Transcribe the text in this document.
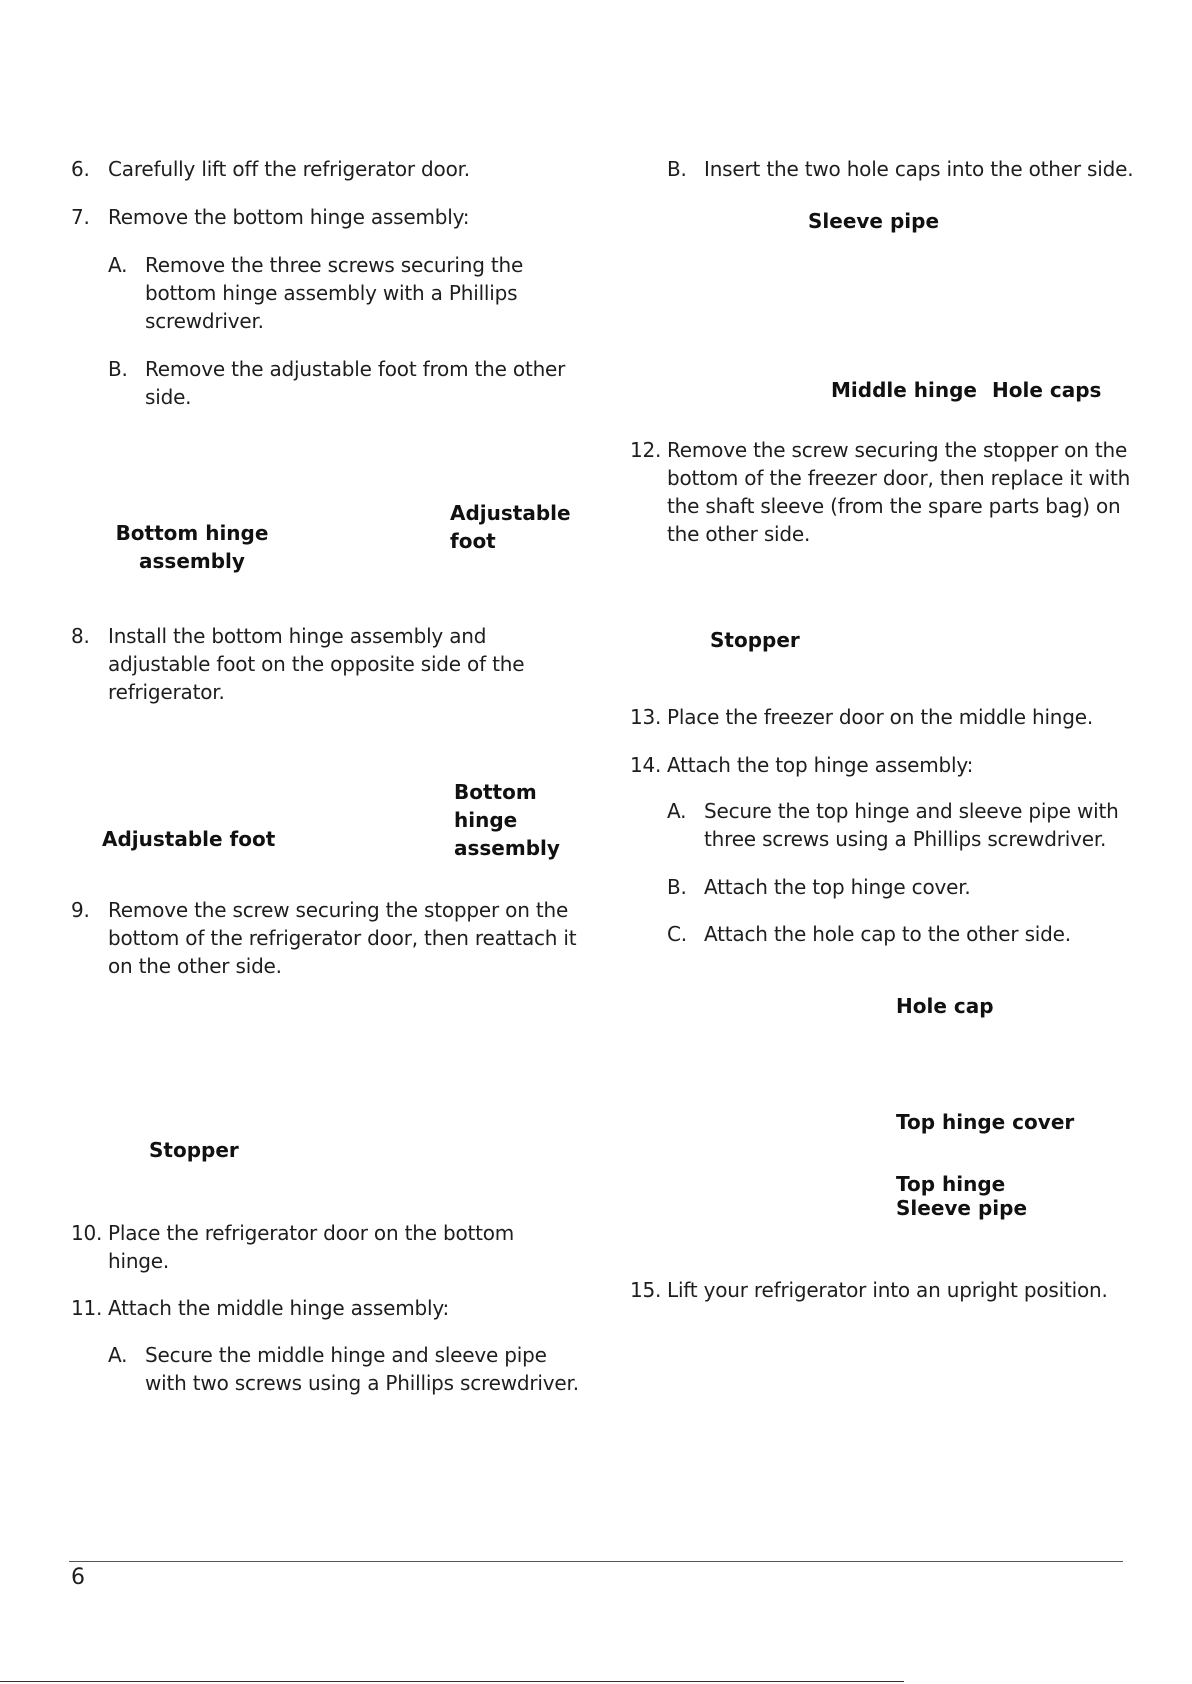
6. Carefully lift off the refrigerator door.
7. Remove the bottom hinge assembly:
A. Remove the three screws securing the
bottom hinge assembly with a Phillips
screwdriver.
B. Remove the adjustable foot from the other
side.
Adjustable
foot
Bottom hinge
assembly
8. Install the bottom hinge assembly and
adjustable foot on the opposite side of the
refrigerator.
Bottom
hinge
assembly
Adjustable foot
9. Remove the screw securing the stopper on the
bottom of the refrigerator door, then reattach it
on the other side.
Stopper
10. Place the refrigerator door on the bottom
hinge.
11. Attach the middle hinge assembly:
A. Secure the middle hinge and sleeve pipe
with two screws using a Phillips screwdriver.
B. Insert the two hole caps into the other side.
Sleeve pipe
Middle hinge Hole caps
12. Remove the screw securing the stopper on the
bottom of the freezer door, then replace it with
the shaft sleeve (from the spare parts bag) on
the other side.
Stopper
13. Place the freezer door on the middle hinge.
14. Attach the top hinge assembly:
A. Secure the top hinge and sleeve pipe with
three screws using a Phillips screwdriver.
B. Attach the top hinge cover.
C. Attach the hole cap to the other side.
Hole cap
Top hinge cover
Top hinge
Sleeve pipe
15. Lift your refrigerator into an upright position.
6
